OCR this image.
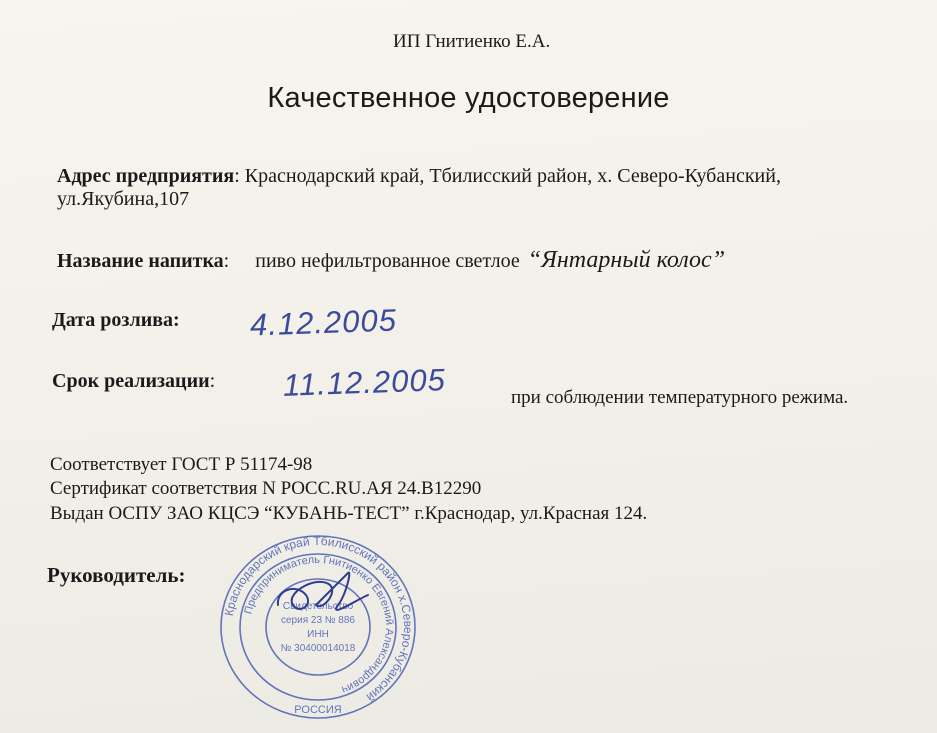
ИП Гнитиенко Е.А.
Качественное удостоверение
Адрес предприятия: Краснодарский край, Тбилисский район, х. Северо-Кубанский,
ул.Якубина,107
Название напитка: пиво нефильтрованное светлое “Янтарный колос”
Дата розлива: 4.12.2005
Срок реализации: 11.12.2005	при соблюдении температурного режима.
Соответствует ГОСТ Р 51174-98
Сертификат соответствия N POCC.RU.AЯ 24.B12290
Выдан ОСПУ ЗАО КЦСЭ “КУБАНЬ-ТЕСТ” г.Краснодар, ул.Красная 124.
Руководитель:
Краснодарский край Тбилисский район х.Северо-Кубанский
Предприниматель Гнитиенко Евгений Александрович
РОССИЯ
Свидетельство
серия 23 № 886
ИНН
№ 30400014018
